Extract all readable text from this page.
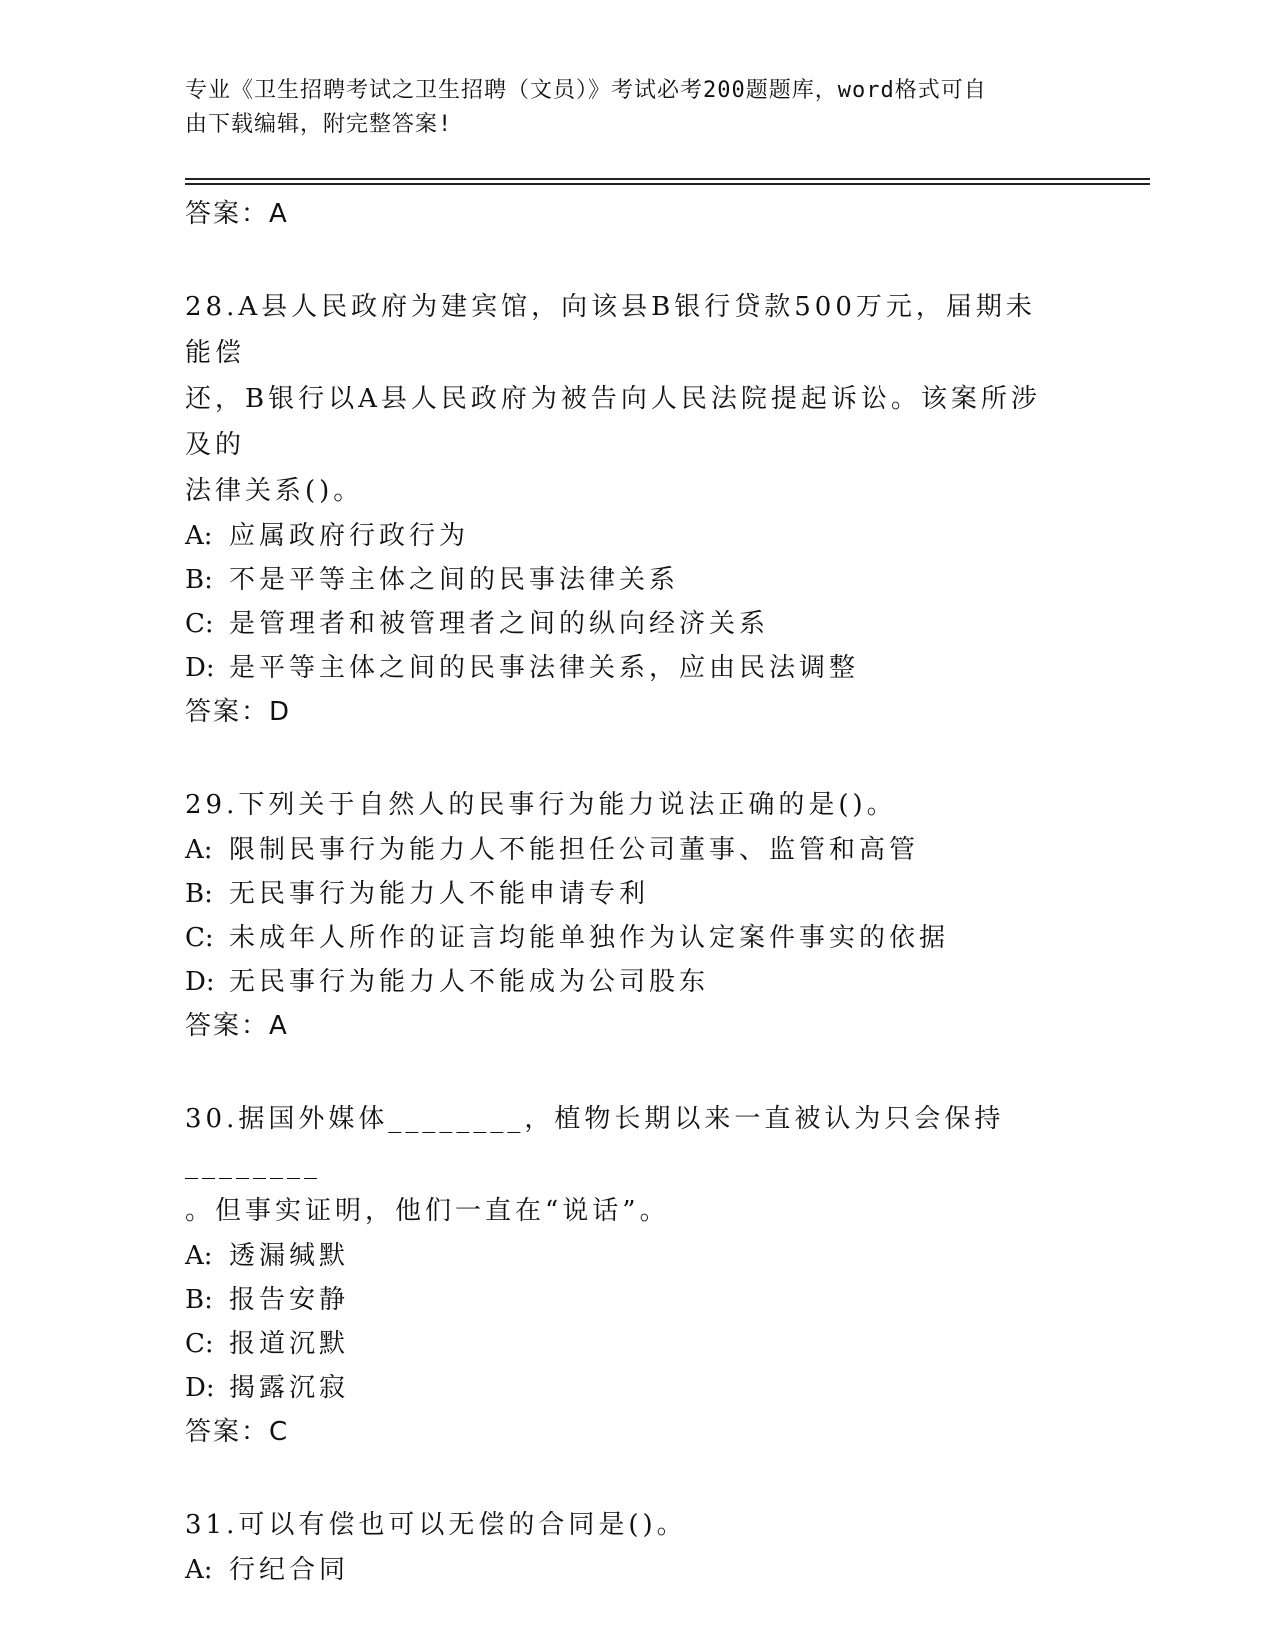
专业《卫生招聘考试之卫生招聘（文员）》考试必考200题题库，word格式可自
由下载编辑，附完整答案!
答案：A
28.A县人民政府为建宾馆，向该县B银行贷款500万元，届期未能偿
还，B银行以A县人民政府为被告向人民法院提起诉讼。该案所涉及的
法律关系()。
A: 应属政府行政行为
B: 不是平等主体之间的民事法律关系
C: 是管理者和被管理者之间的纵向经济关系
D: 是平等主体之间的民事法律关系，应由民法调整
答案：D
29.下列关于自然人的民事行为能力说法正确的是()。
A: 限制民事行为能力人不能担任公司董事、监管和高管
B: 无民事行为能力人不能申请专利
C: 未成年人所作的证言均能单独作为认定案件事实的依据
D: 无民事行为能力人不能成为公司股东
答案：A
30.据国外媒体________，植物长期以来一直被认为只会保持________
。但事实证明，他们一直在“说话”。
A: 透漏缄默
B: 报告安静
C: 报道沉默
D: 揭露沉寂
答案：C
31.可以有偿也可以无偿的合同是()。
A: 行纪合同
